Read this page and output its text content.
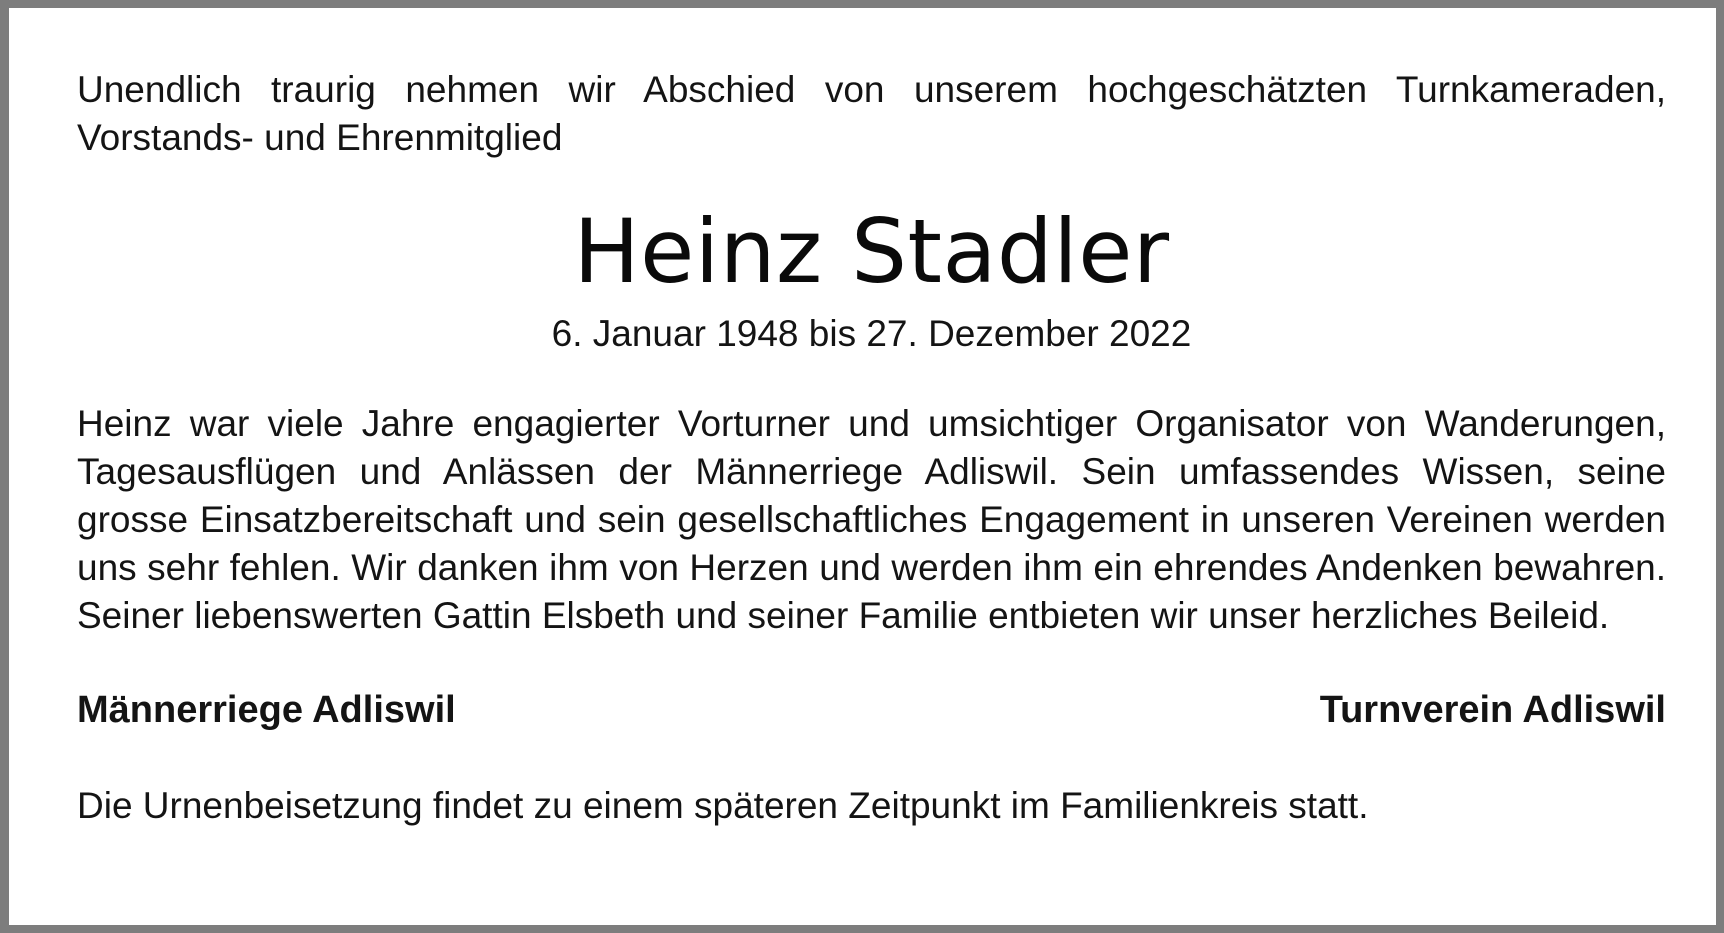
Unendlich traurig nehmen wir Abschied von unserem hochgeschätzten Turnkameraden, Vorstands- und Ehrenmitglied

Heinz Stadler

6. Januar 1948 bis 27. Dezember 2022

Heinz war viele Jahre engagierter Vorturner und umsichtiger Organisator von Wanderungen, Tagesausflügen und Anlässen der Männerriege Adliswil. Sein umfassendes Wissen, seine grosse Einsatzbereitschaft und sein gesellschaftliches Engagement in unseren Vereinen werden uns sehr fehlen. Wir danken ihm von Herzen und werden ihm ein ehrendes Andenken bewahren. Seiner liebenswerten Gattin Elsbeth und seiner Familie entbieten wir unser herzliches Beileid.

Männerriege Adliswil	Turnverein Adliswil

Die Urnenbeisetzung findet zu einem späteren Zeitpunkt im Familienkreis statt.
